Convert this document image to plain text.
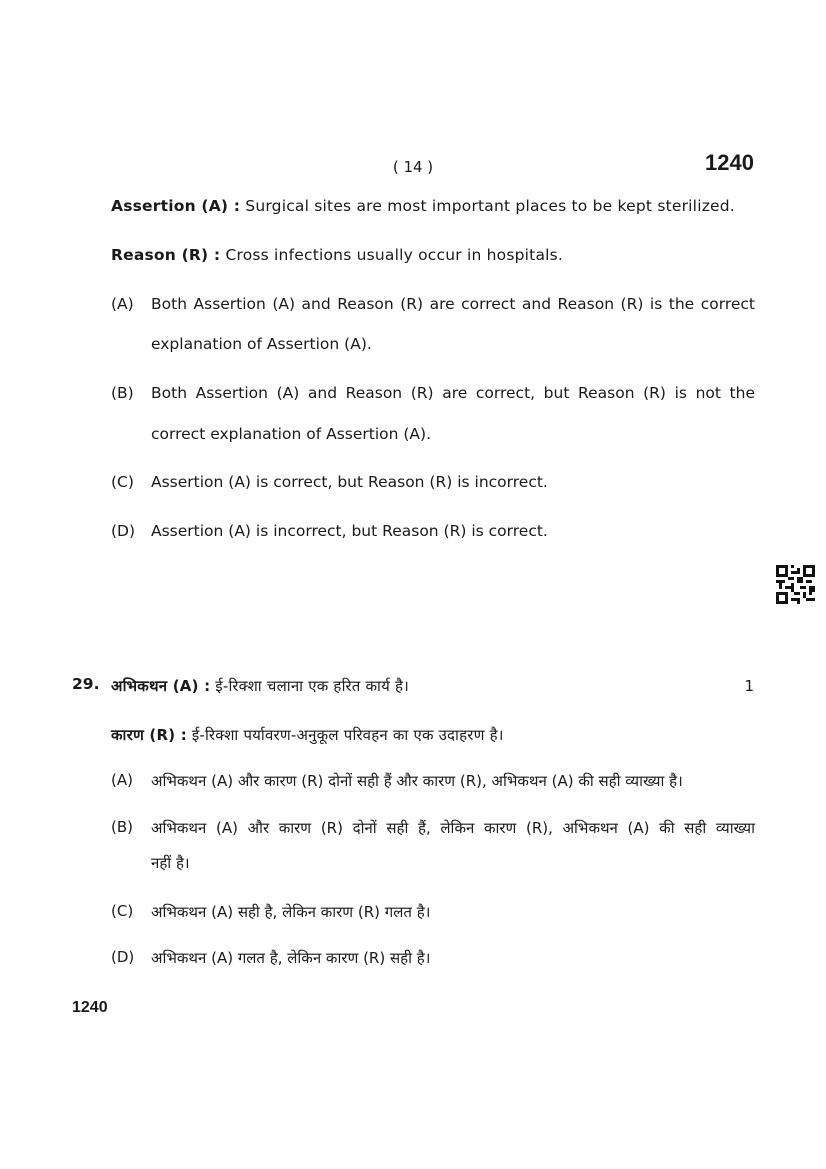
( 14 )	1240
Assertion (A) : Surgical sites are most important places to be kept sterilized.
Reason (R) : Cross infections usually occur in hospitals.
(A) Both Assertion (A) and Reason (R) are correct and Reason (R) is the correct
explanation of Assertion (A).
(B) Both Assertion (A) and Reason (R) are correct, but Reason (R) is not the
correct explanation of Assertion (A).
(C) Assertion (A) is correct, but Reason (R) is incorrect.
(D) Assertion (A) is incorrect, but Reason (R) is correct.
29. अभिकथन (A) : ई-रिक्शा चलाना एक हरित कार्य है।	1
कारण (R) : ई-रिक्शा पर्यावरण-अनुकूल परिवहन का एक उदाहरण है।
(A) अभिकथन (A) और कारण (R) दोनों सही हैं और कारण (R), अभिकथन (A) की सही व्याख्या है।
(B) अभिकथन (A) और कारण (R) दोनों सही हैं, लेकिन कारण (R), अभिकथन (A) की सही व्याख्या
नहीं है।
(C) अभिकथन (A) सही है, लेकिन कारण (R) गलत है।
(D) अभिकथन (A) गलत है, लेकिन कारण (R) सही है।
1240
